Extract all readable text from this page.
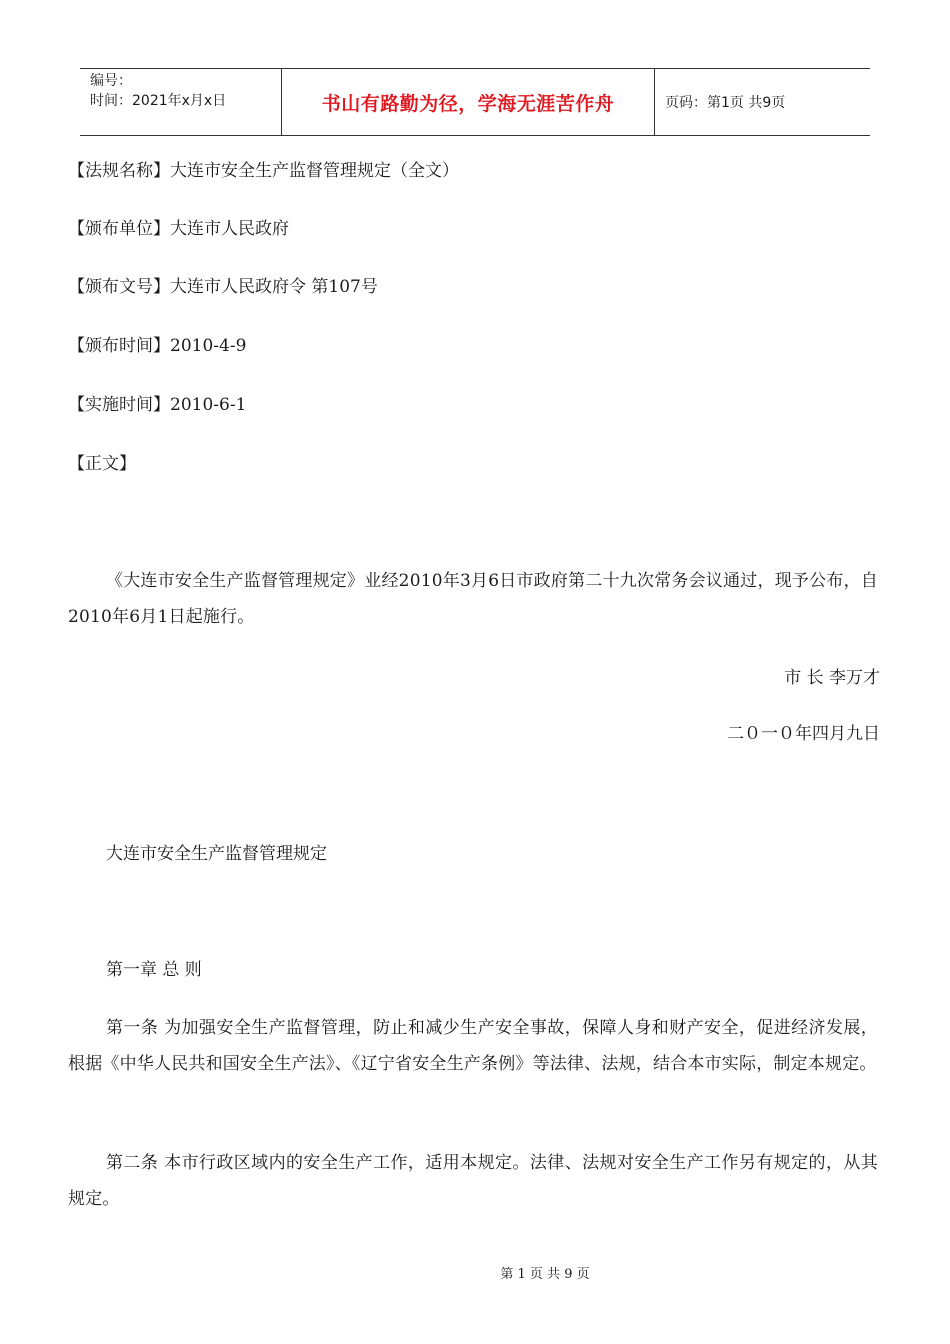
编号：
时间：2021年x月x日	书山有路勤为径，学海无涯苦作舟	页码：第1页 共9页
【法规名称】大连市安全生产监督管理规定（全文）
【颁布单位】大连市人民政府
【颁布文号】大连市人民政府令 第107号
【颁布时间】2010-4-9
【实施时间】2010-6-1
【正文】
《大连市安全生产监督管理规定》业经2010年3月6日市政府第二十九次常务会议通过，现予公布，自2010年6月1日起施行。
市 长 李万才
二０一０年四月九日
大连市安全生产监督管理规定
第一章 总 则
第一条 为加强安全生产监督管理，防止和减少生产安全事故，保障人身和财产安全，促进经济发展，根据《中华人民共和国安全生产法》、《辽宁省安全生产条例》等法律、法规，结合本市实际，制定本规定。
第二条 本市行政区域内的安全生产工作，适用本规定。法律、法规对安全生产工作另有规定的，从其规定。
第 1 页 共 9 页
